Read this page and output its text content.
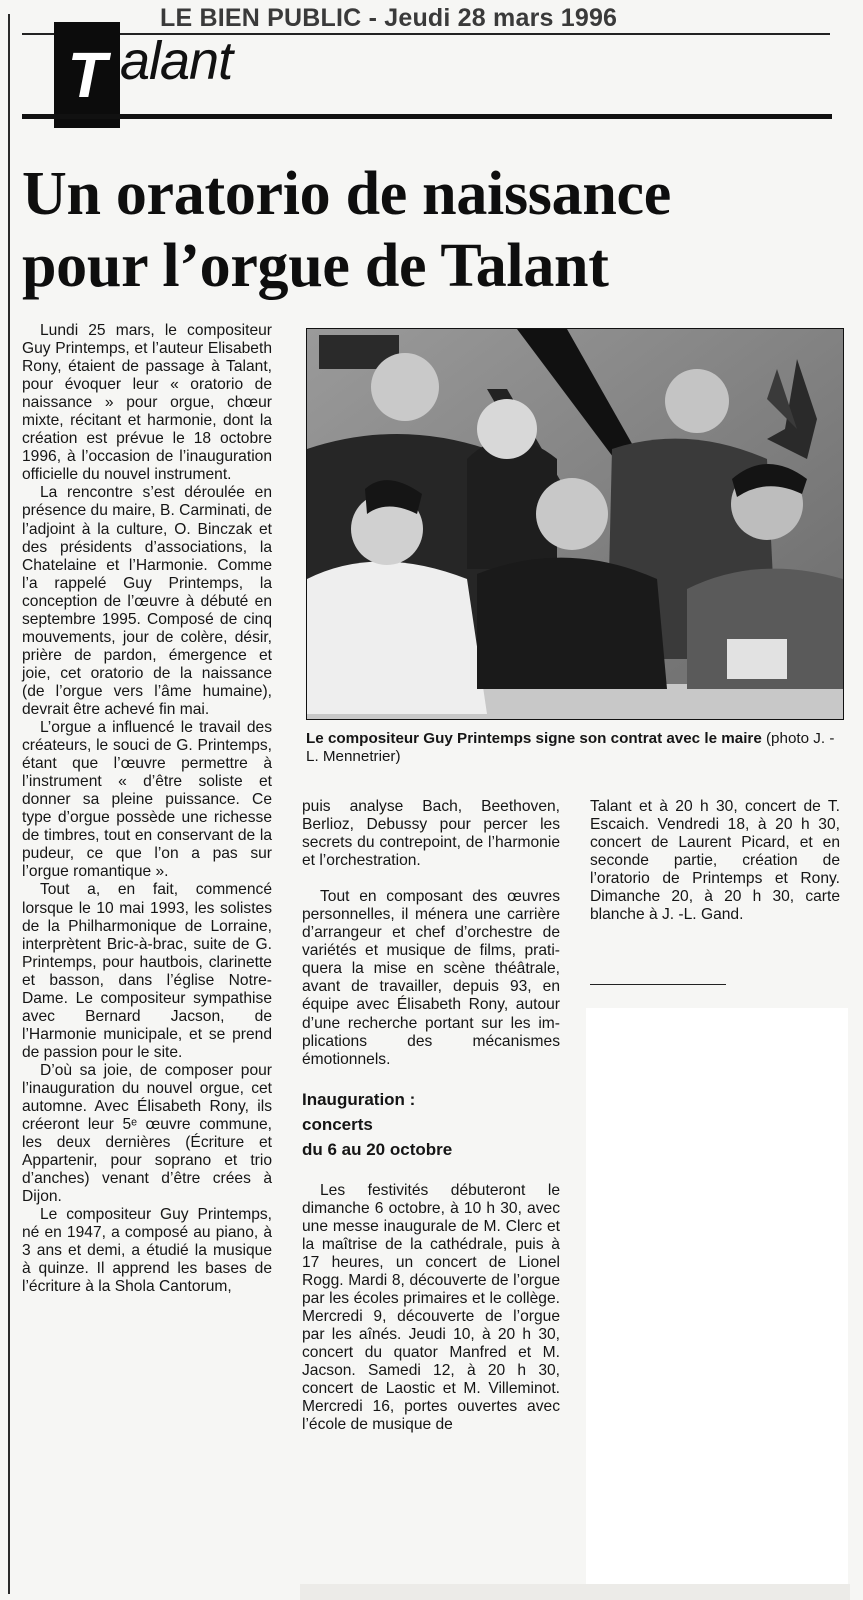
LE BIEN PUBLIC - Jeudi 28 mars 1996
T alant
Un oratorio de naissance
pour l’orgue de Talant

Lundi 25 mars, le compositeur Guy Printemps, et l’auteur Elisabeth Rony, étaient de passage à Talant, pour évoquer leur « oratorio de naissance » pour orgue, chœur mixte, récitant et harmonie, dont la création est prévue le 18 octobre 1996, à l’occasion de l’inauguration officielle du nouvel instrument.

La rencontre s’est déroulée en présence du maire, B. Carminati, de l’adjoint à la culture, O. Binczak et des présidents d’associations, la Chatelaine et l’Harmonie. Comme l’a rappelé Guy Printemps, la conception de l’œuvre à débuté en septembre 1995. Composé de cinq mouvements, jour de colère, désir, prière de pardon, émergence et joie, cet oratorio de la naissance (de l’orgue vers l’âme humaine), devrait être achevé fin mai.

L’orgue a influencé le travail des créateurs, le souci de G. Printemps, étant que l’œuvre permettre à l’instrument « d’être soliste et donner sa pleine puissance. Ce type d’orgue possède une richesse de timbres, tout en conservant de la pudeur, ce que l’on a pas sur l’orgue romantique ».

Tout a, en fait, commencé lorsque le 10 mai 1993, les solistes de la Philharmonique de Lorraine, interprètent Bric-à-brac, suite de G. Printemps, pour hautbois, clarinette et basson, dans l’église Notre-Dame. Le compositeur sympathise avec Bernard Jacson, de l’Harmonie municipale, et se prend de passion pour le site.

D’où sa joie, de composer pour l’inauguration du nouvel orgue, cet automne. Avec Élisabeth Rony, ils créeront leur 5ᵉ œuvre commune, les deux dernières (Écriture et Appartenir, pour soprano et trio d’anches) venant d’être crées à Dijon.

Le compositeur Guy Printemps, né en 1947, a composé au piano, à 3 ans et demi, a étudié la musique à quinze. Il apprend les bases de l’écriture à la Shola Cantorum,

Le compositeur Guy Printemps signe son contrat avec le maire (photo J. -L. Mennetrier)

puis analyse Bach, Beethoven, Berlioz, Debussy pour percer les secrets du contrepoint, de l’harmonie et l’orchestration.

Tout en composant des œuvres personnelles, il ménera une carrière d’arrangeur et chef d’orchestre de variétés et musique de films, pratiquera la mise en scène théâtrale, avant de travailler, depuis 93, en équipe avec Élisabeth Rony, autour d’une recherche portant sur les implications des mécanismes émotionnels.

Inauguration :

concerts

du 6 au 20 octobre

Les festivités débuteront le dimanche 6 octobre, à 10 h 30, avec une messe inaugurale de M. Clerc et la maîtrise de la cathédrale, puis à 17 heures, un concert de Lionel Rogg. Mardi 8, découverte de l’orgue par les écoles primaires et le collège. Mercredi 9, découverte de l’orgue par les aînés. Jeudi 10, à 20 h 30, concert du quator Manfred et M. Jacson. Samedi 12, à 20 h 30, concert de Laostic et M. Villeminot. Mercredi 16, portes ouvertes avec l’école de musique de

Talant et à 20 h 30, concert de T. Escaich. Vendredi 18, à 20 h 30, concert de Laurent Picard, et en seconde partie, création de l’oratorio de Printemps et Rony. Dimanche 20, à 20 h 30, carte blanche à J. -L. Gand.
